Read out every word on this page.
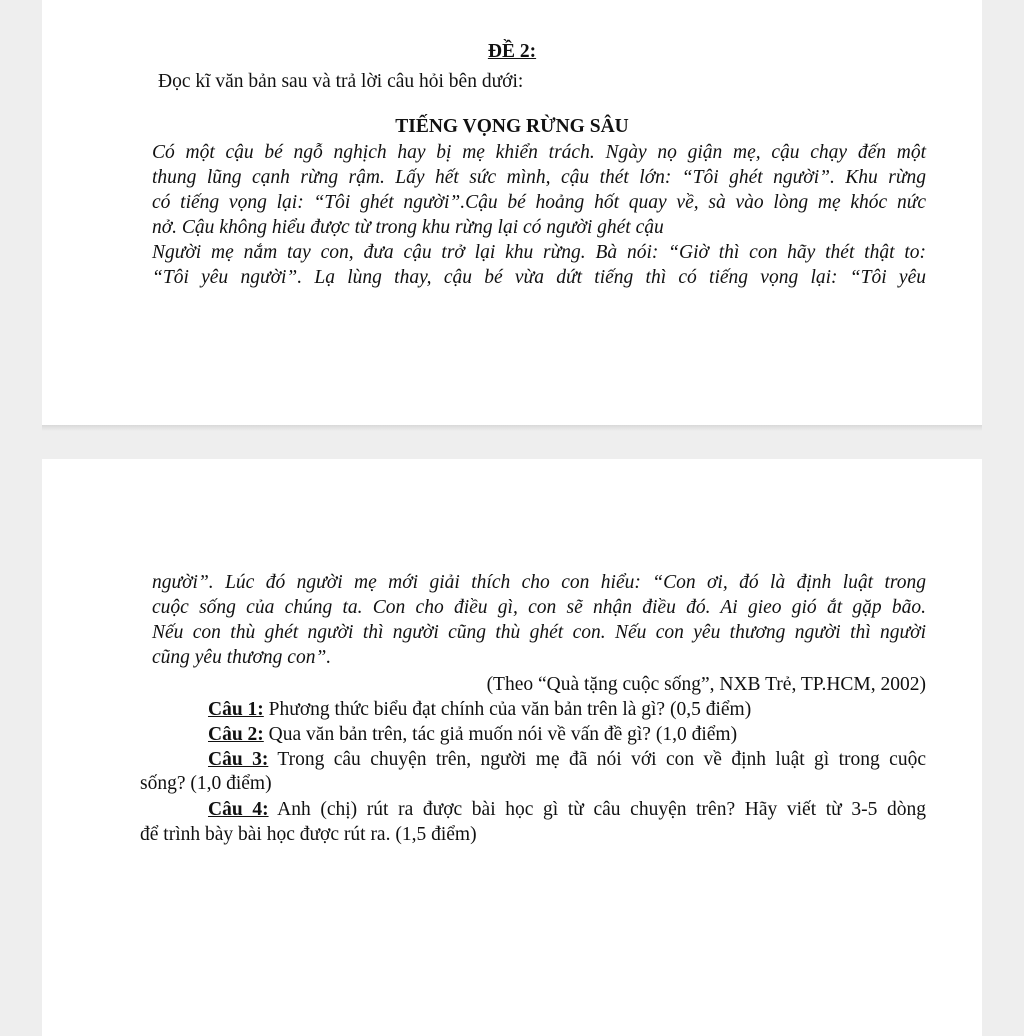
ĐỀ 2:
Đọc kĩ văn bản sau và trả lời câu hỏi bên dưới:
TIẾNG VỌNG RỪNG SÂU
Có một cậu bé ngỗ nghịch hay bị mẹ khiển trách. Ngày nọ giận mẹ, cậu chạy đến một
thung lũng cạnh rừng rậm. Lấy hết sức mình, cậu thét lớn: “Tôi ghét người”. Khu rừng
có tiếng vọng lại: “Tôi ghét người”.Cậu bé hoảng hốt quay về, sà vào lòng mẹ khóc nức
nở. Cậu không hiểu được từ trong khu rừng lại có người ghét cậu
Người mẹ nắm tay con, đưa cậu trở lại khu rừng. Bà nói: “Giờ thì con hãy thét thật to:
“Tôi yêu người”. Lạ lùng thay, cậu bé vừa dứt tiếng thì có tiếng vọng lại: “Tôi yêu
người”. Lúc đó người mẹ mới giải thích cho con hiểu: “Con ơi, đó là định luật trong
cuộc sống của chúng ta. Con cho điều gì, con sẽ nhận điều đó. Ai gieo gió ắt gặp bão.
Nếu con thù ghét người thì người cũng thù ghét con. Nếu con yêu thương người thì người
cũng yêu thương con”.
(Theo “Quà tặng cuộc sống”, NXB Trẻ, TP.HCM, 2002)
Câu 1: Phương thức biểu đạt chính của văn bản trên là gì? (0,5 điểm)
Câu 2: Qua văn bản trên, tác giả muốn nói về vấn đề gì? (1,0 điểm)
Câu 3: Trong câu chuyện trên, người mẹ đã nói với con về định luật gì trong cuộc
sống? (1,0 điểm)
Câu 4: Anh (chị) rút ra được bài học gì từ câu chuyện trên? Hãy viết từ 3-5 dòng
để trình bày bài học được rút ra. (1,5 điểm)
